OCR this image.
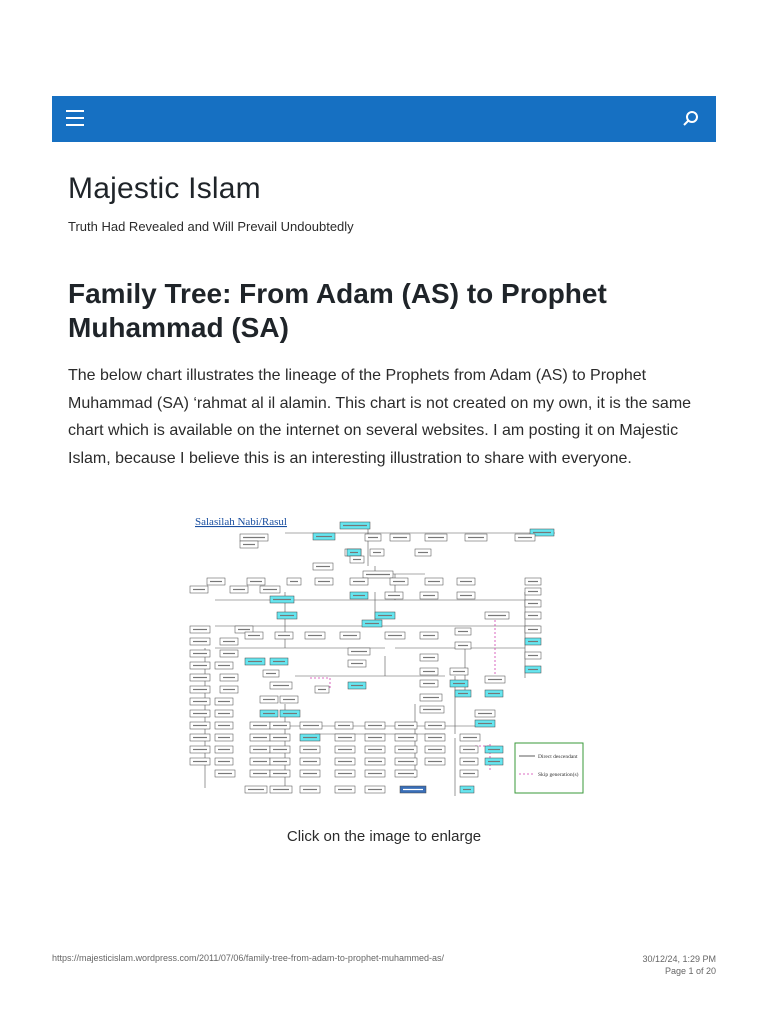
Majestic Islam

Truth Had Revealed and Will Prevail Undoubtedly

Family Tree: From Adam (AS) to Prophet Muhammad (SA)

The below chart illustrates the lineage of the Prophets from Adam (AS) to Prophet Muhammad (SA) ‘rahmat al il alamin. This chart is not created on my own, it is the same chart which is available on the internet on several websites. I am posting it on Majestic Islam, because I believe this is an interesting illustration to share with everyone.

Salasilah Nabi/Rasul
Direct descendant
Skip generation(s)

Click on the image to enlarge

https://majesticislam.wordpress.com/2011/07/06/family-tree-from-adam-to-prophet-muhammed-as/	30/12/24, 1:29 PM
Page 1 of 20
